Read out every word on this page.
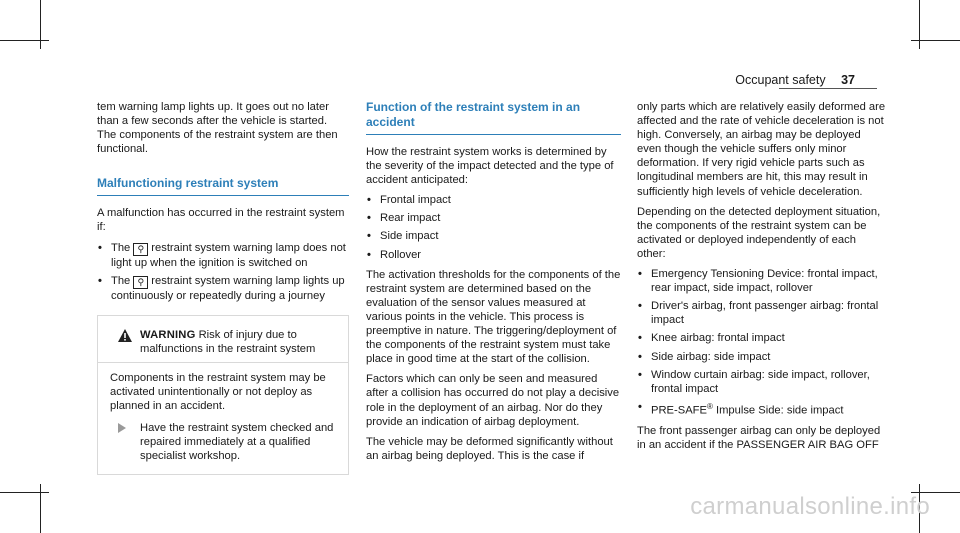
Occupant safety 37

tem warning lamp lights up. It goes out no later than a few seconds after the vehicle is started. The components of the restraint system are then functional.

Malfunctioning restraint system

A malfunction has occurred in the restraint system if:

• The ⚲ restraint system warning lamp does not light up when the ignition is switched on
• The ⚲ restraint system warning lamp lights up continuously or repeatedly during a journey
WARNING Risk of injury due to malfunctions in the restraint system

Components in the restraint system may be activated unintentionally or not deploy as planned in an accident.

Have the restraint system checked and repaired immediately at a qualified specialist workshop.
Function of the restraint system in an accident

How the restraint system works is determined by the severity of the impact detected and the type of accident anticipated:

• Frontal impact
• Rear impact
• Side impact
• Rollover

The activation thresholds for the components of the restraint system are determined based on the evaluation of the sensor values measured at various points in the vehicle. This process is preemptive in nature. The triggering/deployment of the components of the restraint system must take place in good time at the start of the collision.

Factors which can only be seen and measured after a collision has occurred do not play a decisive role in the deployment of an airbag. Nor do they provide an indication of airbag deployment.

The vehicle may be deformed significantly without an airbag being deployed. This is the case if

only parts which are relatively easily deformed are affected and the rate of vehicle deceleration is not high. Conversely, an airbag may be deployed even though the vehicle suffers only minor deformation. If very rigid vehicle parts such as longitudinal members are hit, this may result in sufficiently high levels of vehicle deceleration.

Depending on the detected deployment situation, the components of the restraint system can be activated or deployed independently of each other:

• Emergency Tensioning Device: frontal impact, rear impact, side impact, rollover
• Driver's airbag, front passenger airbag: frontal impact
• Knee airbag: frontal impact
• Side airbag: side impact
• Window curtain airbag: side impact, rollover, frontal impact
• PRE-SAFE® Impulse Side: side impact

The front passenger airbag can only be deployed in an accident if the PASSENGER AIR BAG OFF

carmanualsonline.info
